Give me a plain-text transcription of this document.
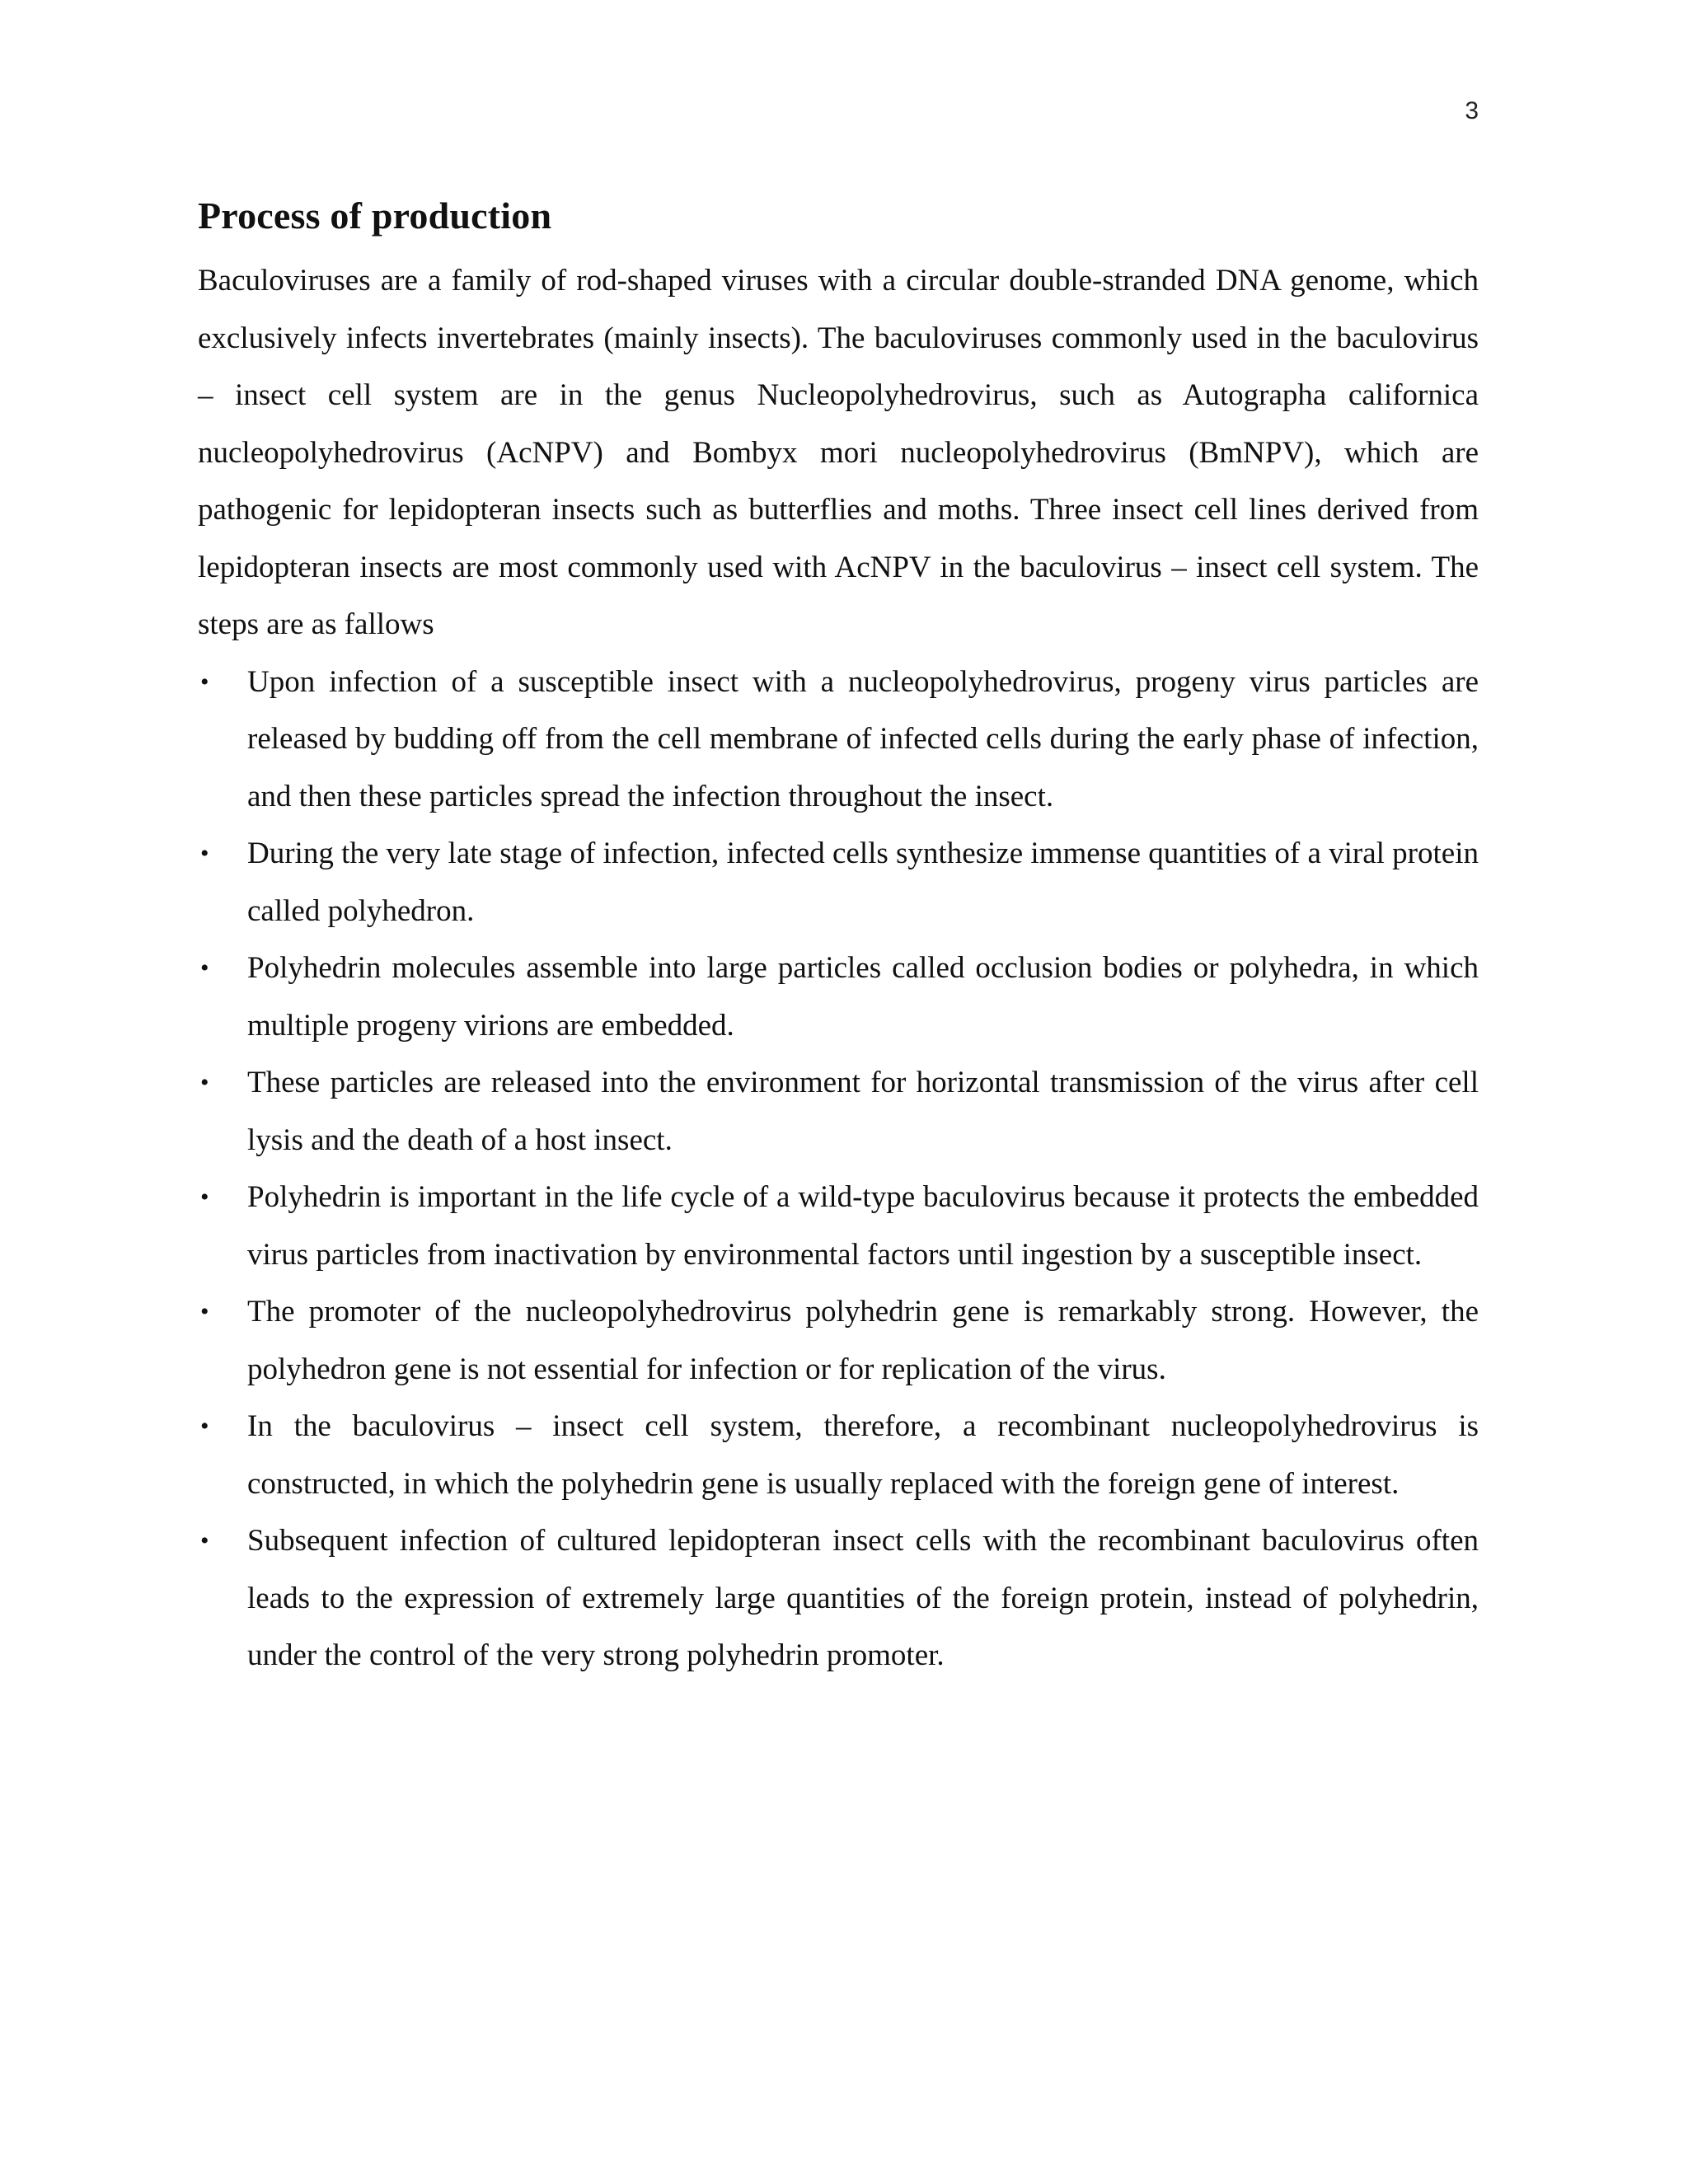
3
Process of production

Baculoviruses are a family of rod-shaped viruses with a circular double-stranded DNA genome, which exclusively infects invertebrates (mainly insects). The baculoviruses commonly used in the baculovirus – insect cell system are in the genus Nucleopolyhedrovirus, such as Autographa californica nucleopolyhedrovirus (AcNPV) and Bombyx mori nucleopolyhedrovirus (BmNPV), which are pathogenic for lepidopteran insects such as butterflies and moths. Three insect cell lines derived from lepidopteran insects are most commonly used with AcNPV in the baculovirus – insect cell system. The steps are as fallows

• Upon infection of a susceptible insect with a nucleopolyhedrovirus, progeny virus particles are released by budding off from the cell membrane of infected cells during the early phase of infection, and then these particles spread the infection throughout the insect.
• During the very late stage of infection, infected cells synthesize immense quantities of a viral protein called polyhedron.
• Polyhedrin molecules assemble into large particles called occlusion bodies or polyhedra, in which multiple progeny virions are embedded.
• These particles are released into the environment for horizontal transmission of the virus after cell lysis and the death of a host insect.
• Polyhedrin is important in the life cycle of a wild-type baculovirus because it protects the embedded virus particles from inactivation by environmental factors until ingestion by a susceptible insect.
• The promoter of the nucleopolyhedrovirus polyhedrin gene is remarkably strong. However, the polyhedron gene is not essential for infection or for replication of the virus.
• In the baculovirus – insect cell system, therefore, a recombinant nucleopolyhedrovirus is constructed, in which the polyhedrin gene is usually replaced with the foreign gene of interest.
• Subsequent infection of cultured lepidopteran insect cells with the recombinant baculovirus often leads to the expression of extremely large quantities of the foreign protein, instead of polyhedrin, under the control of the very strong polyhedrin promoter.
